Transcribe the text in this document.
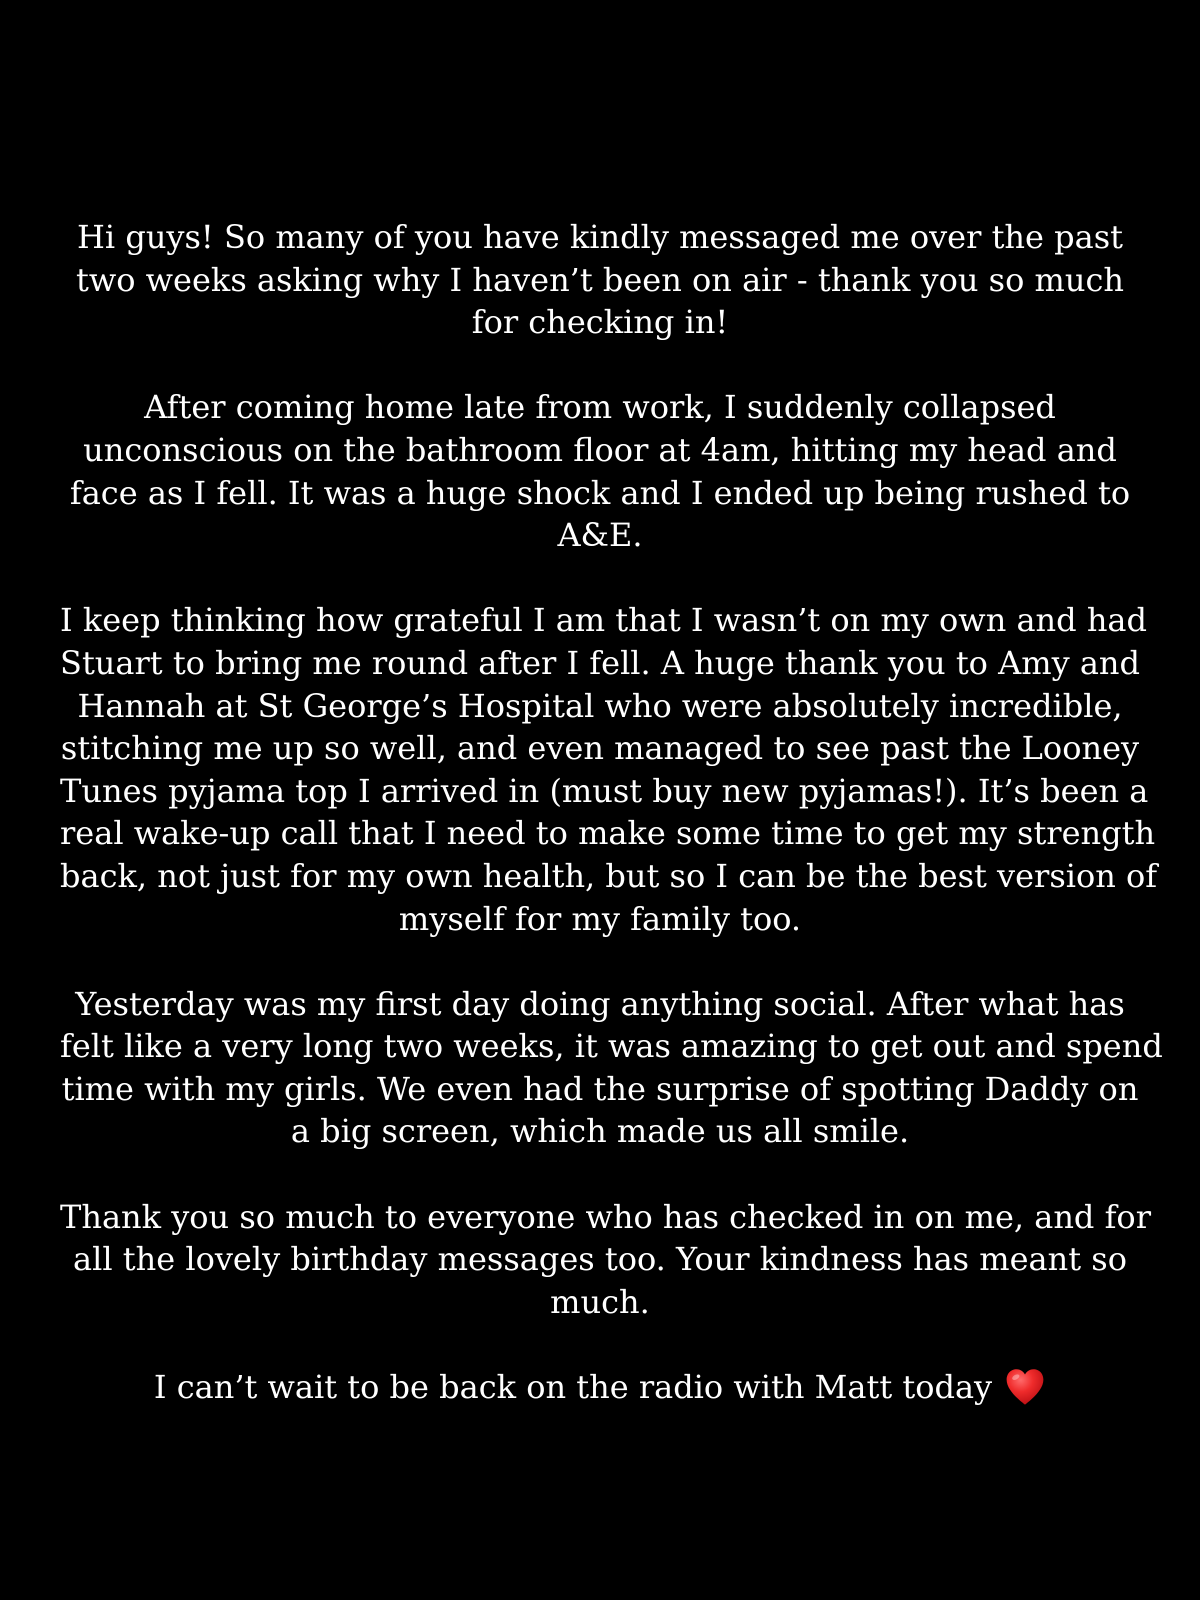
Hi guys! So many of you have kindly messaged me over the past
two weeks asking why I haven’t been on air - thank you so much
for checking in!
After coming home late from work, I suddenly collapsed
unconscious on the bathroom floor at 4am, hitting my head and
face as I fell. It was a huge shock and I ended up being rushed to
A&E.
I keep thinking how grateful I am that I wasn’t on my own and had
Stuart to bring me round after I fell. A huge thank you to Amy and
Hannah at St George’s Hospital who were absolutely incredible,
stitching me up so well, and even managed to see past the Looney
Tunes pyjama top I arrived in (must buy new pyjamas!). It’s been a
real wake-up call that I need to make some time to get my strength
back, not just for my own health, but so I can be the best version of
myself for my family too.
Yesterday was my first day doing anything social. After what has
felt like a very long two weeks, it was amazing to get out and spend
time with my girls. We even had the surprise of spotting Daddy on
a big screen, which made us all smile.
Thank you so much to everyone who has checked in on me, and for
all the lovely birthday messages too. Your kindness has meant so
much.
I can’t wait to be back on the radio with Matt today
